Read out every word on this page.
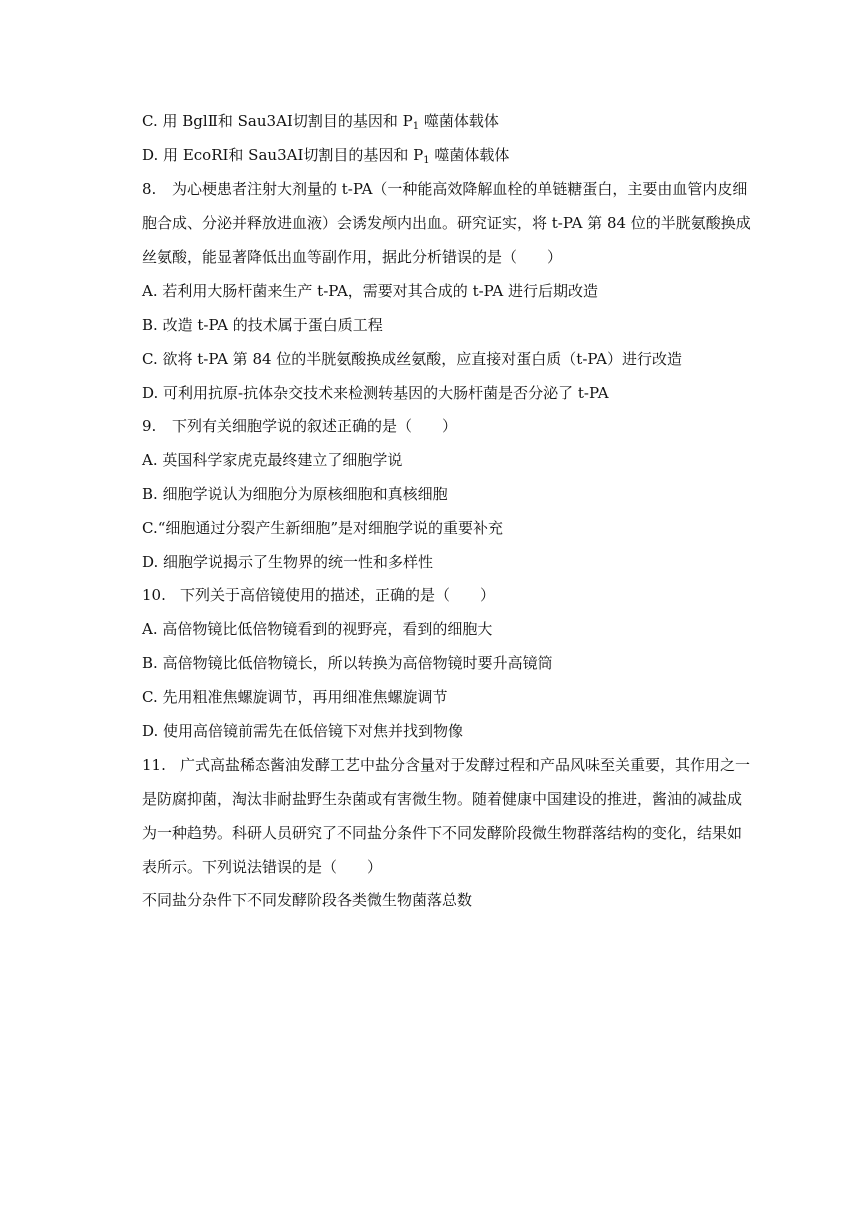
C. 用 BglⅡ和 Sau3AⅠ切割目的基因和 $P_1$ 噬菌体载体
D. 用 EcoRⅠ和 Sau3AⅠ切割目的基因和 $P_1$ 噬菌体载体
8. 为心梗患者注射大剂量的 t-PA（一种能高效降解血栓的单链糖蛋白，主要由血管内皮细
胞合成、分泌并释放进血液）会诱发颅内出血。研究证实，将 t-PA 第 84 位的半胱氨酸换成
丝氨酸，能显著降低出血等副作用，据此分析错误的是（　　）
A. 若利用大肠杆菌来生产 t-PA，需要对其合成的 t-PA 进行后期改造
B. 改造 t-PA 的技术属于蛋白质工程
C. 欲将 t-PA 第 84 位的半胱氨酸换成丝氨酸，应直接对蛋白质（t-PA）进行改造
D. 可利用抗原-抗体杂交技术来检测转基因的大肠杆菌是否分泌了 t-PA
9. 下列有关细胞学说的叙述正确的是（　　）
A. 英国科学家虎克最终建立了细胞学说
B. 细胞学说认为细胞分为原核细胞和真核细胞
C.“细胞通过分裂产生新细胞”是对细胞学说的重要补充
D. 细胞学说揭示了生物界的统一性和多样性
10. 下列关于高倍镜使用的描述，正确的是（　　）
A. 高倍物镜比低倍物镜看到的视野亮，看到的细胞大
B. 高倍物镜比低倍物镜长，所以转换为高倍物镜时要升高镜筒
C. 先用粗准焦螺旋调节，再用细准焦螺旋调节
D. 使用高倍镜前需先在低倍镜下对焦并找到物像
11. 广式高盐稀态酱油发酵工艺中盐分含量对于发酵过程和产品风味至关重要，其作用之一
是防腐抑菌，淘汰非耐盐野生杂菌或有害微生物。随着健康中国建设的推进，酱油的减盐成
为一种趋势。科研人员研究了不同盐分条件下不同发酵阶段微生物群落结构的变化，结果如
表所示。下列说法错误的是（　　）
不同盐分杂件下不同发酵阶段各类微生物菌落总数
